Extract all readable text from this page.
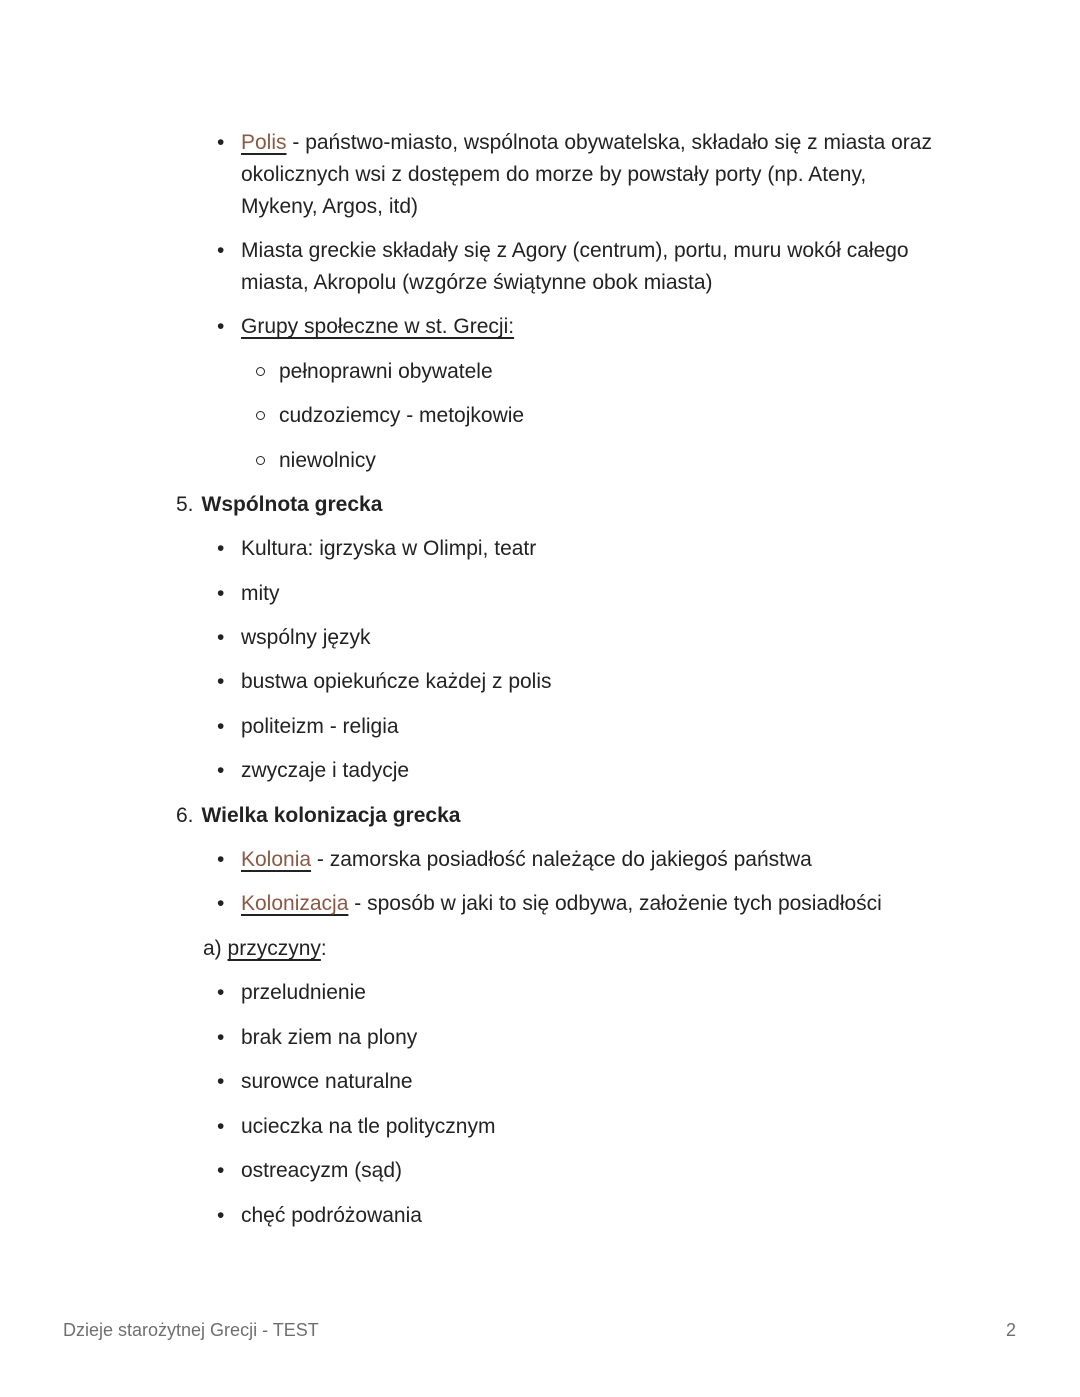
• Polis - państwo-miasto, wspólnota obywatelska, składało się z miasta oraz
okolicznych wsi z dostępem do morze by powstały porty (np. Ateny,
Mykeny, Argos, itd)
• Miasta greckie składały się z Agory (centrum), portu, muru wokół całego
miasta, Akropolu (wzgórze świątynne obok miasta)
• Grupy społeczne w st. Grecji:
pełnoprawni obywatele
cudzoziemcy - metojkowie
niewolnicy
5. Wspólnota grecka
• Kultura: igrzyska w Olimpi, teatr
• mity
• wspólny język
• bustwa opiekuńcze każdej z polis
• politeizm - religia
• zwyczaje i tadycje
6. Wielka kolonizacja grecka
• Kolonia - zamorska posiadłość należące do jakiegoś państwa
• Kolonizacja - sposób w jaki to się odbywa, założenie tych posiadłości
a) przyczyny:
• przeludnienie
• brak ziem na plony
• surowce naturalne
• ucieczka na tle politycznym
• ostreacyzm (sąd)
• chęć podróżowania
Dzieje starożytnej Grecji - TEST	2
